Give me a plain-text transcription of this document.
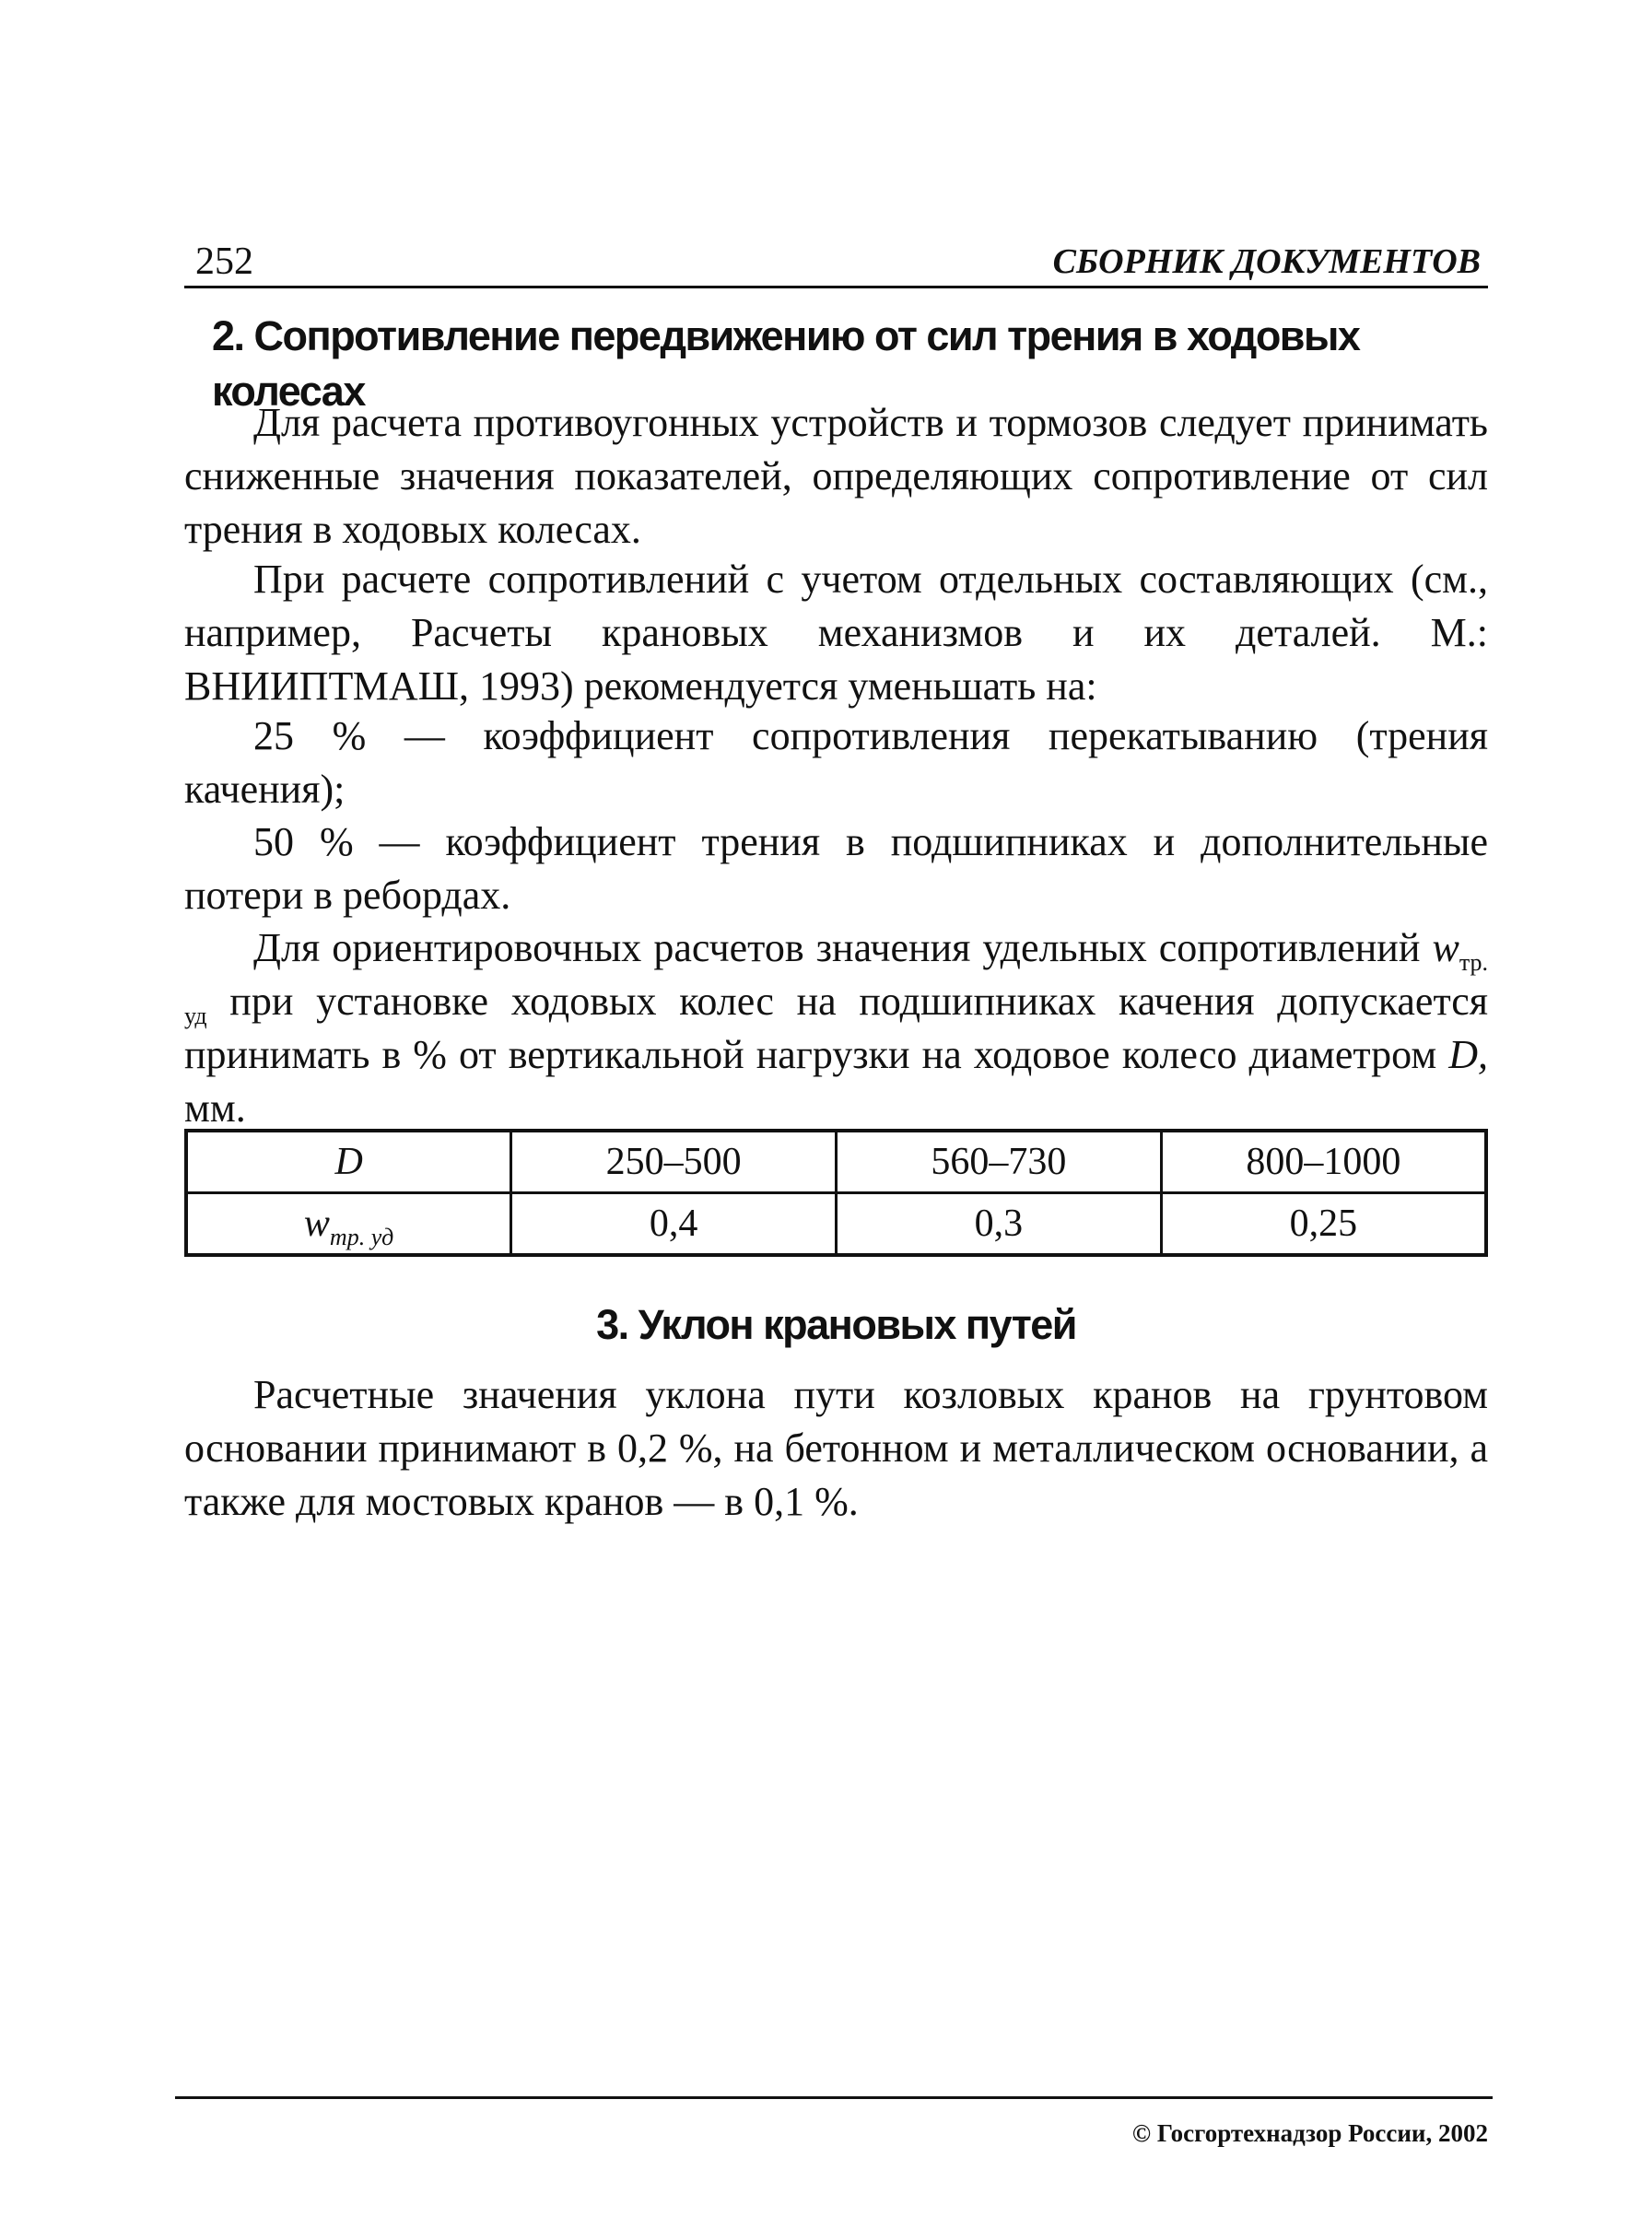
252	СБОРНИК ДОКУМЕНТОВ
2. Сопротивление передвижению от сил трения в ходовых колесах

Для расчета противоугонных устройств и тормозов следует принимать сниженные значения показателей, определяющих сопротивление от сил трения в ходовых колесах.

При расчете сопротивлений с учетом отдельных составляющих (см., например, Расчеты крановых механизмов и их деталей. М.: ВНИИПТМАШ, 1993) рекомендуется уменьшать на:

25 % — коэффициент сопротивления перекатыванию (трения качения);

50 % — коэффициент трения в подшипниках и дополнительные потери в ребордах.

Для ориентировочных расчетов значения удельных сопротивлений $w_{тр. уд}$ при установке ходовых колес на подшипниках качения допускается принимать в % от вертикальной нагрузки на ходовое колесо диаметром D, мм.

D	250–500	560–730	800–1000
$w_{тр. уд}$	0,4	0,3	0,25
3. Уклон крановых путей

Расчетные значения уклона пути козловых кранов на грунтовом основании принимают в 0,2 %, на бетонном и металлическом основании, а также для мостовых кранов — в 0,1 %.

© Госгортехнадзор России, 2002
